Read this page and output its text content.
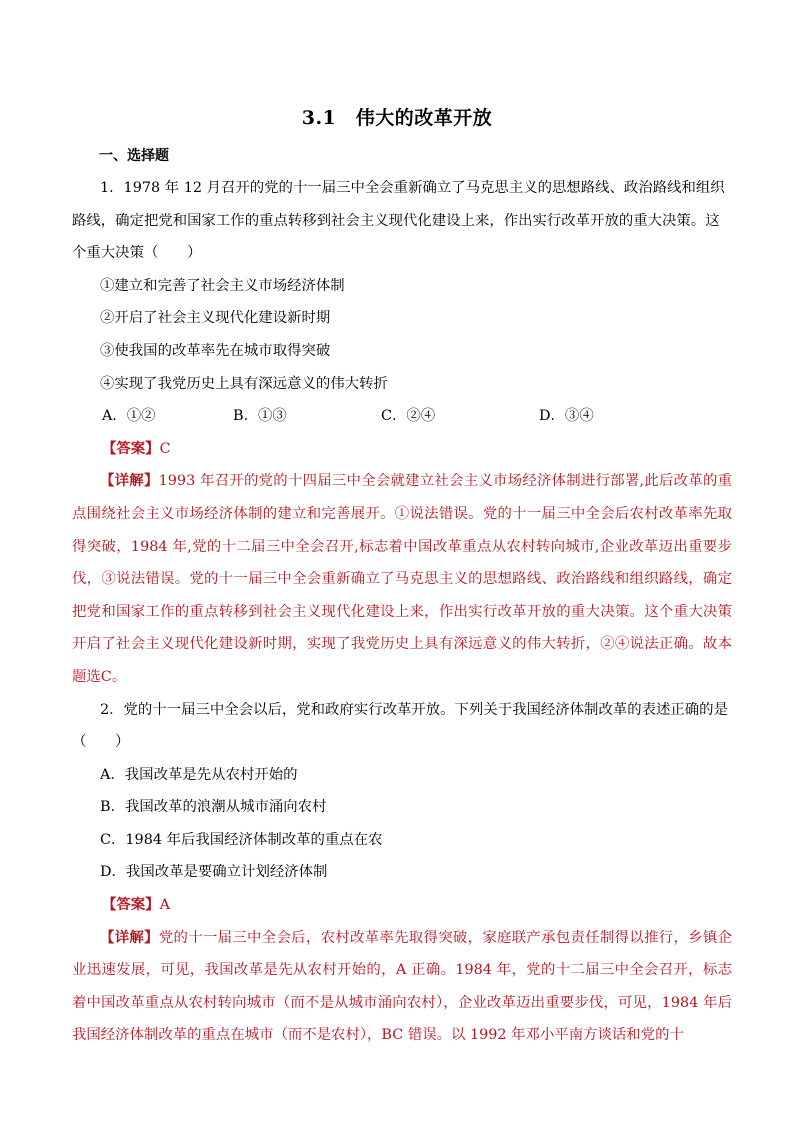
3.1　伟大的改革开放
一、选择题

1．1978 年 12 月召开的党的十一届三中全会重新确立了马克思主义的思想路线、政治路线和组织路线，确定把党和国家工作的重点转移到社会主义现代化建设上来，作出实行改革开放的重大决策。这个重大决策（　　）

①建立和完善了社会主义市场经济体制

②开启了社会主义现代化建设新时期

③使我国的改革率先在城市取得突破

④实现了我党历史上具有深远意义的伟大转折

A．①②	B．①③	C．②④	D．③④

【答案】C

【详解】1993 年召开的党的十四届三中全会就建立社会主义市场经济体制进行部署,此后改革的重点围绕社会主义市场经济体制的建立和完善展开。①说法错误。党的十一届三中全会后农村改革率先取得突破，1984 年,党的十二届三中全会召开,标志着中国改革重点从农村转向城市,企业改革迈出重要步伐，③说法错误。党的十一届三中全会重新确立了马克思主义的思想路线、政治路线和组织路线，确定把党和国家工作的重点转移到社会主义现代化建设上来，作出实行改革开放的重大决策。这个重大决策开启了社会主义现代化建设新时期，实现了我党历史上具有深远意义的伟大转折，②④说法正确。故本题选C。

2．党的十一届三中全会以后，党和政府实行改革开放。下列关于我国经济体制改革的表述正确的是（　　）

A．我国改革是先从农村开始的

B．我国改革的浪潮从城市涌向农村

C．1984 年后我国经济体制改革的重点在农

D．我国改革是要确立计划经济体制

【答案】A

【详解】党的十一届三中全会后，农村改革率先取得突破，家庭联产承包责任制得以推行，乡镇企业迅速发展，可见，我国改革是先从农村开始的，A 正确。1984 年，党的十二届三中全会召开，标志着中国改革重点从农村转向城市（而不是从城市涌向农村），企业改革迈出重要步伐，可见，1984 年后我国经济体制改革的重点在城市（而不是农村），BC 错误。以 1992 年邓小平南方谈话和党的十
